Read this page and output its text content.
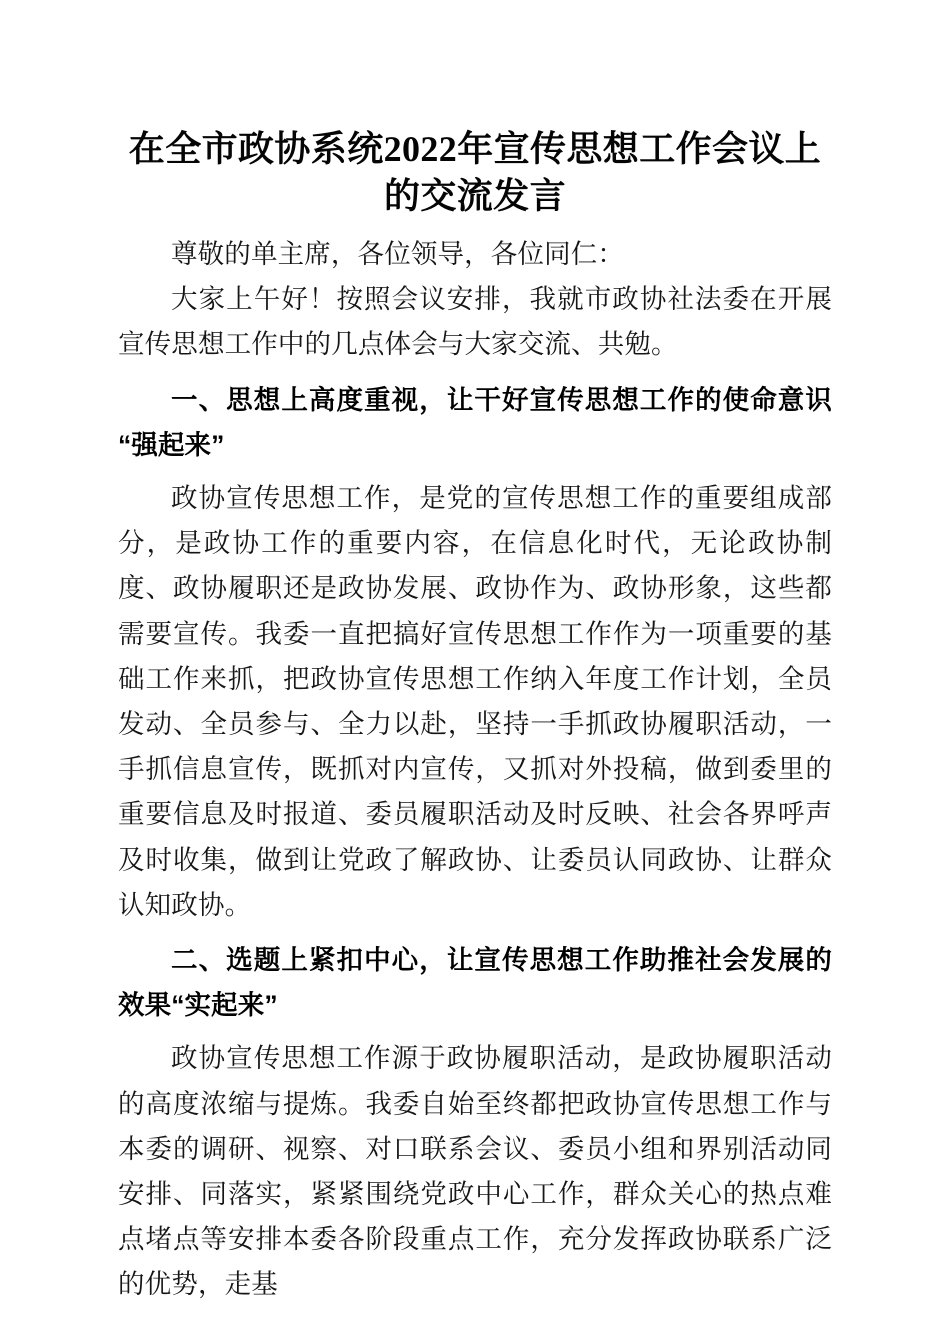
在全市政协系统2022年宣传思想工作会议上的交流发言

尊敬的单主席，各位领导，各位同仁：

大家上午好！按照会议安排，我就市政协社法委在开展宣传思想工作中的几点体会与大家交流、共勉。

一、思想上高度重视，让干好宣传思想工作的使命意识“强起来”

政协宣传思想工作，是党的宣传思想工作的重要组成部分，是政协工作的重要内容，在信息化时代，无论政协制度、政协履职还是政协发展、政协作为、政协形象，这些都需要宣传。我委一直把搞好宣传思想工作作为一项重要的基础工作来抓，把政协宣传思想工作纳入年度工作计划，全员发动、全员参与、全力以赴，坚持一手抓政协履职活动，一手抓信息宣传，既抓对内宣传，又抓对外投稿，做到委里的重要信息及时报道、委员履职活动及时反映、社会各界呼声及时收集，做到让党政了解政协、让委员认同政协、让群众认知政协。

二、选题上紧扣中心，让宣传思想工作助推社会发展的效果“实起来”

政协宣传思想工作源于政协履职活动，是政协履职活动的高度浓缩与提炼。我委自始至终都把政协宣传思想工作与本委的调研、视察、对口联系会议、委员小组和界别活动同安排、同落实，紧紧围绕党政中心工作，群众关心的热点难点堵点等安排本委各阶段重点工作，充分发挥政协联系广泛的优势，走基
